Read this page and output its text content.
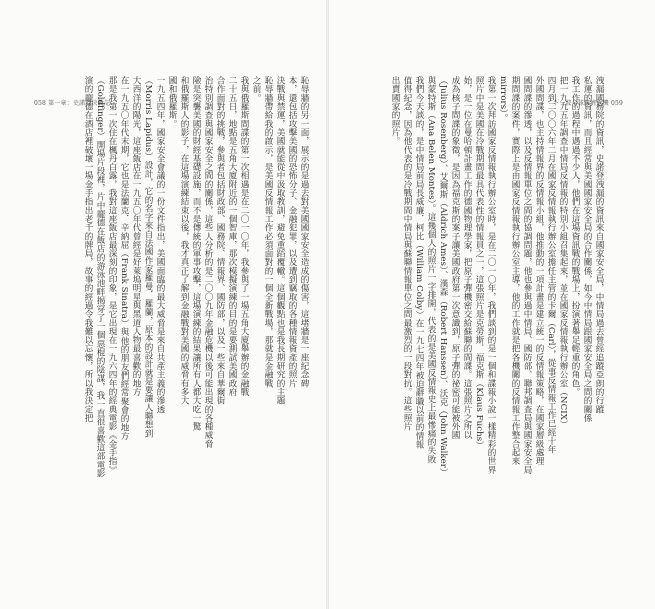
058 第一章：史諾登決戰記	下一波全球經濟危機 059
洩漏國務院的資訊，史諾登洩漏的資訊來自國家安全局，中情局過去曾經追蹤亞朗的行蹤
私運的資訊，而且經常與美國國家安全局的合作關係，如今中情局跟國家安全局之間的關係
我工作的過程中遇過不少人，他們在這場資訊戰的戰場上，扮演著舉足輕重的角色。
把一九九五年調查中情局反情報的特別小組召集起來，並在國家反情報執行辦公室（NCIX）
四月到二〇〇六年二月在國家反情報執行辦公室擔任主管的卡爾（Carl），從事反情報工作已經十年
外國間諜，也主持情報界的反情報小組，他推動的一項計畫是建立統一的反情報策略，在國家層級處理
國間諜的滲透，以及反情報單位之間的協調問題，他也參與過中情局、國防部、聯邦調查局與國家安全局
期間諜的案件，實際上是由國家反情報執行辦公室主導，他的工作就是把各機關的反情報工作整合起來
mirrors）。
我第一次拜訪國家反情報執行辦公室時，是在二〇一〇年，我們談到的是一個和諜報小說一樣精彩的世界
照片中是美國在冷戰期間最具代表性的情報員之一，這張照片是克勞斯．福克斯（Klaus Fuchs）
始，是一位在曼哈頓計畫工作的德國物理學家，把原子彈機密交給蘇聯的間諜。這張照片之所以
成為核子間諜的象徵，是因為福克斯的案子讓美國政府第一次意識到，原子彈的祕密可能被外國
（Julius Rosenberg）、艾爾斯（Aldrich Ames）、漢森（Robert Hanssen）、沃克（John Walker）
與蒙特斯（Ana Belen Montes）。這幾個人的照片一字排開，代表的是美國反情報史上最慘痛的失敗
我們今天談的，是中情局前局長威廉．柯比（William Colby）在一九七四年被迫辭職以前的情報
值得紀念，因為他代表的是冷戰期間中情局與蘇聯情報單位之間最激烈的一段對抗。這些照片
出賣國家的照片。
恥辱牆的另一面，展示的是過去對美國國家安全造成的傷害，這堵牆是一座紀念碑
本，還包括攻擊美國的恐怖分子、金融犯罪，以及遭到竊取的各種情報資產的照片
決戰與禁運，美國就能從中汲取教訓，避免重蹈覆轍。這個觀點也是我長期研究的主題
恥辱牆帶給我的啟示，是美國反情報工作必須面對的一個全新戰場，那就是金融戰
之前。
我與俄羅斯間諜的第一次相遇是在二〇一〇年，我參與了一場五角大廈舉辦的金融戰
二十五日，地點是五角大廈附近的一個智庫，那次模擬演練的目的是要測試美國政府
合作面對的挑戰，參與者包括財政部、國務院、情報界、國防部，以及一些來自華爾街
治特別調查與國家安全之間的關係，這些人分析的是二〇〇九年金融危機以後可能出現的各種威脅
險是突襲美國的財經基礎設施，而不是傳統的軍事攻擊，這場演練的結果讓所有人都大吃一驚
和俄羅斯人的影子，在這場演練結束以後，我才真正了解到金融戰對美國的威脅有多大
國和俄羅斯。
一九五四年，國家安全會議的一份文件指出，美國面臨的最大威脅是來自共產主義的滲透
（Morris Lapidus）設計，它的名字來自法國作家羅曼．羅蘭，原本的設計就是要讓人聯想到
大西洋的陽光，這座飯店在一九五〇年代曾經是好萊塢明星與黑道人物最喜歡的地方
在一九五〇年代末期，它也是法蘭克．辛納屈（Frank Sinatra）與他的朋友們經常聚會的地方
那是我第一次住在楓丹白露，我對這座飯店最深刻的印象，是它出現在一九六四年的經典電影《金手指》
（Goldfinger）開場片段裡，片中龐德在飯店的游泳池畔揭穿了一個惡棍的陰謀，我一直很喜歡這部電影
演的龐德在酒店裡破壞一場金手指出老千的牌局，故事的經過令我難以忘懷，所以我決定把
